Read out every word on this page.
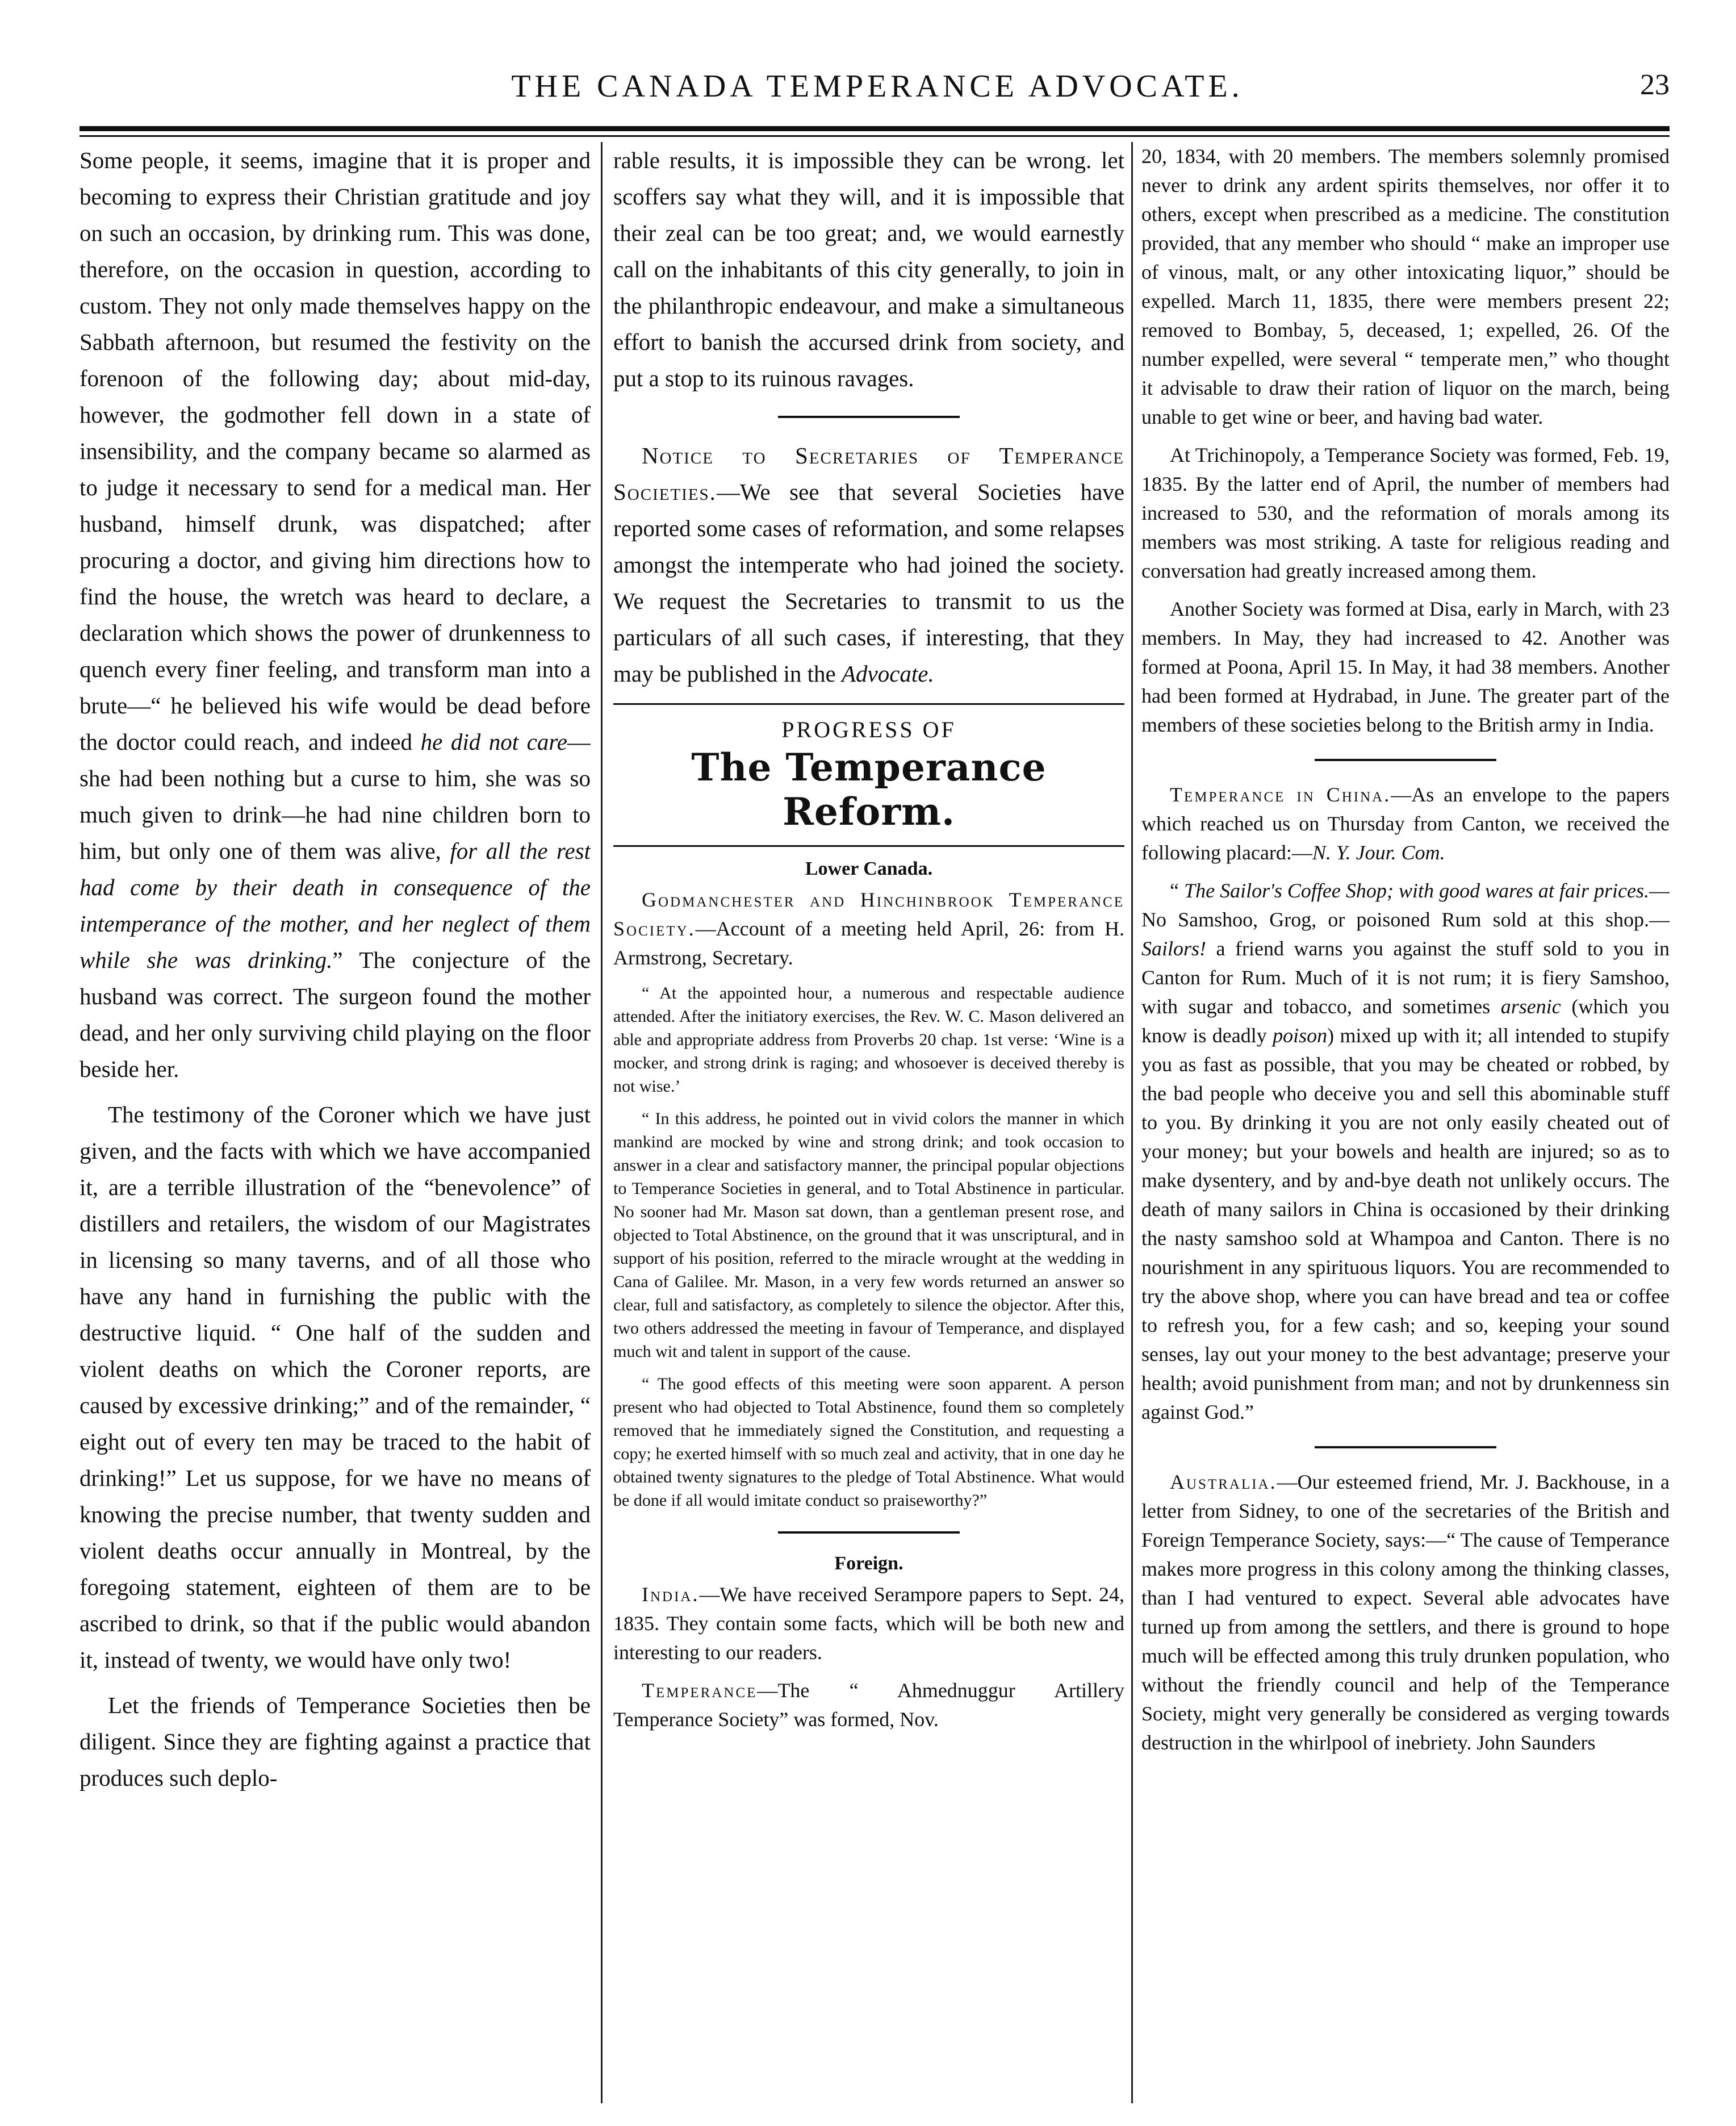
THE CANADA TEMPERANCE ADVOCATE.	23

Some people, it seems, imagine that it is proper and becoming to express their Christian gratitude and joy on such an occasion, by drinking rum. This was done, therefore, on the occasion in question, according to custom. They not only made themselves happy on the Sabbath afternoon, but resumed the festivity on the forenoon of the following day; about mid-day, however, the godmother fell down in a state of insensibility, and the company became so alarmed as to judge it necessary to send for a medical man. Her husband, himself drunk, was dispatched; after procuring a doctor, and giving him directions how to find the house, the wretch was heard to declare, a declaration which shows the power of drunkenness to quench every finer feeling, and transform man into a brute—“ he believed his wife would be dead before the doctor could reach, and indeed he did not care—she had been nothing but a curse to him, she was so much given to drink—he had nine children born to him, but only one of them was alive, for all the rest had come by their death in consequence of the intemperance of the mother, and her neglect of them while she was drinking.” The conjecture of the husband was correct. The surgeon found the mother dead, and her only surviving child playing on the floor beside her.

The testimony of the Coroner which we have just given, and the facts with which we have accompanied it, are a terrible illustration of the “benevolence” of distillers and retailers, the wisdom of our Magistrates in licensing so many taverns, and of all those who have any hand in furnishing the public with the destructive liquid. “ One half of the sudden and violent deaths on which the Coroner reports, are caused by excessive drinking;” and of the remainder, “ eight out of every ten may be traced to the habit of drinking!” Let us suppose, for we have no means of knowing the precise number, that twenty sudden and violent deaths occur annually in Montreal, by the foregoing statement, eighteen of them are to be ascribed to drink, so that if the public would abandon it, instead of twenty, we would have only two!

Let the friends of Temperance Societies then be diligent. Since they are fighting against a practice that produces such deplo-

rable results, it is impossible they can be wrong. let scoffers say what they will, and it is impossible that their zeal can be too great; and, we would earnestly call on the inhabitants of this city generally, to join in the philanthropic endeavour, and make a simultaneous effort to banish the accursed drink from society, and put a stop to its ruinous ravages.

Notice to Secretaries of Temperance Societies.—We see that several Societies have reported some cases of reformation, and some relapses amongst the intemperate who had joined the society. We request the Secretaries to transmit to us the particulars of all such cases, if interesting, that they may be published in the Advocate.

PROGRESS OF
The Temperance Reform.
Lower Canada.

Godmanchester and Hinchinbrook Temperance Society.—Account of a meeting held April, 26: from H. Armstrong, Secretary.

“ At the appointed hour, a numerous and respectable audience attended. After the initiatory exercises, the Rev. W. C. Mason delivered an able and appropriate address from Proverbs 20 chap. 1st verse: ‘Wine is a mocker, and strong drink is raging; and whosoever is deceived thereby is not wise.’

“ In this address, he pointed out in vivid colors the manner in which mankind are mocked by wine and strong drink; and took occasion to answer in a clear and satisfactory manner, the principal popular objections to Temperance Societies in general, and to Total Abstinence in particular. No sooner had Mr. Mason sat down, than a gentleman present rose, and objected to Total Abstinence, on the ground that it was unscriptural, and in support of his position, referred to the miracle wrought at the wedding in Cana of Galilee. Mr. Mason, in a very few words returned an answer so clear, full and satisfactory, as completely to silence the objector. After this, two others addressed the meeting in favour of Temperance, and displayed much wit and talent in support of the cause.

“ The good effects of this meeting were soon apparent. A person present who had objected to Total Abstinence, found them so completely removed that he immediately signed the Constitution, and requesting a copy; he exerted himself with so much zeal and activity, that in one day he obtained twenty signatures to the pledge of Total Abstinence. What would be done if all would imitate conduct so praiseworthy?”

Foreign.

India.—We have received Serampore papers to Sept. 24, 1835. They contain some facts, which will be both new and interesting to our readers.

Temperance—The “ Ahmednuggur Artillery Temperance Society” was formed, Nov.

20, 1834, with 20 members. The members solemnly promised never to drink any ardent spirits themselves, nor offer it to others, except when prescribed as a medicine. The constitution provided, that any member who should “ make an improper use of vinous, malt, or any other intoxicating liquor,” should be expelled. March 11, 1835, there were members present 22; removed to Bombay, 5, deceased, 1; expelled, 26. Of the number expelled, were several “ temperate men,” who thought it advisable to draw their ration of liquor on the march, being unable to get wine or beer, and having bad water.

At Trichinopoly, a Temperance Society was formed, Feb. 19, 1835. By the latter end of April, the number of members had increased to 530, and the reformation of morals among its members was most striking. A taste for religious reading and conversation had greatly increased among them.

Another Society was formed at Disa, early in March, with 23 members. In May, they had increased to 42. Another was formed at Poona, April 15. In May, it had 38 members. Another had been formed at Hydrabad, in June. The greater part of the members of these societies belong to the British army in India.

Temperance in China.—As an envelope to the papers which reached us on Thursday from Canton, we received the following placard:—N. Y. Jour. Com.

“ The Sailor's Coffee Shop; with good wares at fair prices.—No Samshoo, Grog, or poisoned Rum sold at this shop.—Sailors! a friend warns you against the stuff sold to you in Canton for Rum. Much of it is not rum; it is fiery Samshoo, with sugar and tobacco, and sometimes arsenic (which you know is deadly poison) mixed up with it; all intended to stupify you as fast as possible, that you may be cheated or robbed, by the bad people who deceive you and sell this abominable stuff to you. By drinking it you are not only easily cheated out of your money; but your bowels and health are injured; so as to make dysentery, and by and-bye death not unlikely occurs. The death of many sailors in China is occasioned by their drinking the nasty samshoo sold at Whampoa and Canton. There is no nourishment in any spirituous liquors. You are recommended to try the above shop, where you can have bread and tea or coffee to refresh you, for a few cash; and so, keeping your sound senses, lay out your money to the best advantage; preserve your health; avoid punishment from man; and not by drunkenness sin against God.”

Australia.—Our esteemed friend, Mr. J. Backhouse, in a letter from Sidney, to one of the secretaries of the British and Foreign Temperance Society, says:—“ The cause of Temperance makes more progress in this colony among the thinking classes, than I had ventured to expect. Several able advocates have turned up from among the settlers, and there is ground to hope much will be effected among this truly drunken population, who without the friendly council and help of the Temperance Society, might very generally be considered as verging towards destruction in the whirlpool of inebriety. John Saunders
